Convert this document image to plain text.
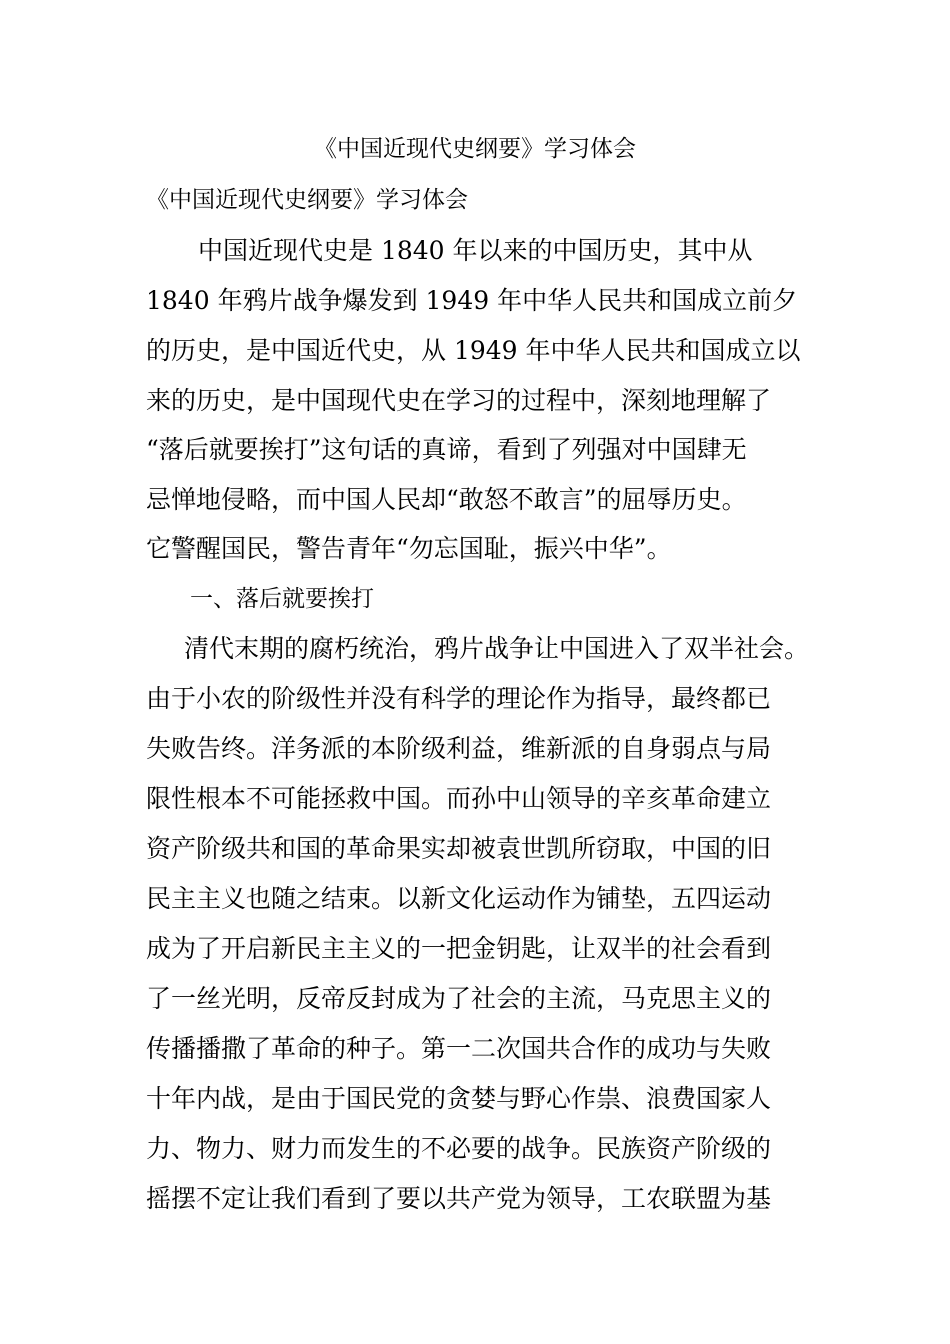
《中国近现代史纲要》学习体会
《中国近现代史纲要》学习体会
中国近现代史是 1840 年以来的中国历史，其中从
1840 年鸦片战争爆发到 1949 年中华人民共和国成立前夕
的历史，是中国近代史，从 1949 年中华人民共和国成立以
来的历史，是中国现代史在学习的过程中，深刻地理解了
“落后就要挨打”这句话的真谛，看到了列强对中国肆无
忌惮地侵略，而中国人民却“敢怒不敢言”的屈辱历史。
它警醒国民，警告青年“勿忘国耻，振兴中华”。
一、落后就要挨打
清代末期的腐朽统治，鸦片战争让中国进入了双半社会。
由于小农的阶级性并没有科学的理论作为指导，最终都已
失败告终。洋务派的本阶级利益，维新派的自身弱点与局
限性根本不可能拯救中国。而孙中山领导的辛亥革命建立
资产阶级共和国的革命果实却被袁世凯所窃取，中国的旧
民主主义也随之结束。以新文化运动作为铺垫，五四运动
成为了开启新民主主义的一把金钥匙，让双半的社会看到
了一丝光明，反帝反封成为了社会的主流，马克思主义的
传播播撒了革命的种子。第一二次国共合作的成功与失败
十年内战，是由于国民党的贪婪与野心作祟、浪费国家人
力、物力、财力而发生的不必要的战争。民族资产阶级的
摇摆不定让我们看到了要以共产党为领导，工农联盟为基
